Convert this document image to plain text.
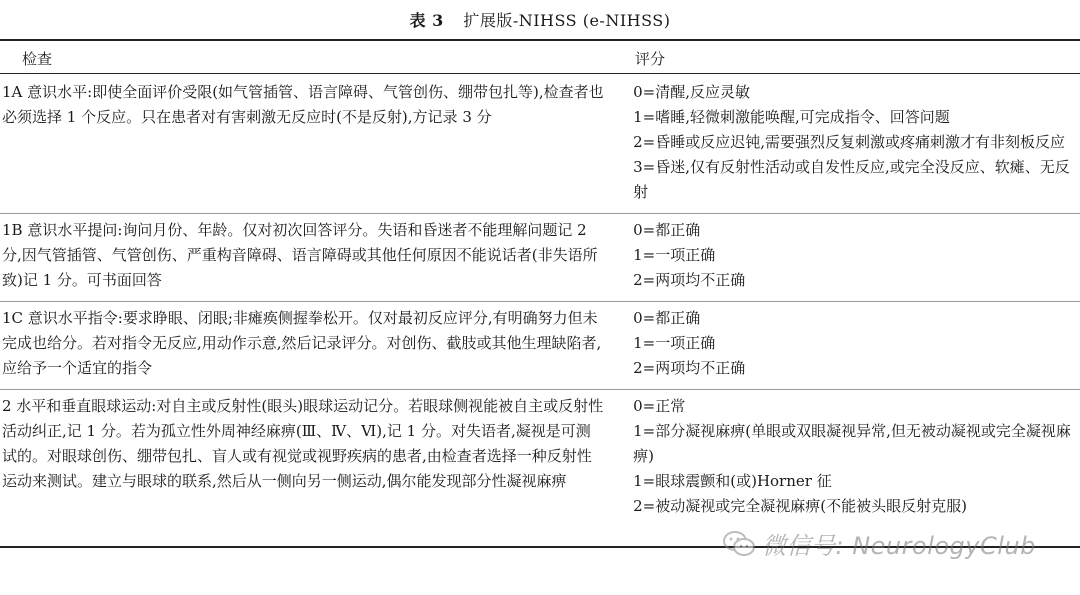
表 3 扩展版-NIHSS (e-NIHSS)
检查	评分
1A 意识水平:即使全面评价受限(如气管插管、语言障碍、气管创伤、绷带包扎等),检查者也必须选择 1 个反应。只在患者对有害刺激无反应时(不是反射),方记录 3 分	0=清醒,反应灵敏
1=嗜睡,轻微刺激能唤醒,可完成指令、回答问题
2=昏睡或反应迟钝,需要强烈反复刺激或疼痛刺激才有非刻板反应
3=昏迷,仅有反射性活动或自发性反应,或完全没反应、软瘫、无反射

1B 意识水平提问:询问月份、年龄。仅对初次回答评分。失语和昏迷者不能理解问题记 2 分,因气管插管、气管创伤、严重构音障碍、语言障碍或其他任何原因不能说话者(非失语所致)记 1 分。可书面回答	0=都正确
1=一项正确
2=两项均不正确

1C 意识水平指令:要求睁眼、闭眼;非瘫痪侧握拳松开。仅对最初反应评分,有明确努力但未完成也给分。若对指令无反应,用动作示意,然后记录评分。对创伤、截肢或其他生理缺陷者,应给予一个适宜的指令	0=都正确
1=一项正确
2=两项均不正确

2 水平和垂直眼球运动:对自主或反射性(眼头)眼球运动记分。若眼球侧视能被自主或反射性活动纠正,记 1 分。若为孤立性外周神经麻痹(Ⅲ、Ⅳ、Ⅵ),记 1 分。对失语者,凝视是可测试的。对眼球创伤、绷带包扎、盲人或有视觉或视野疾病的患者,由检查者选择一种反射性运动来测试。建立与眼球的联系,然后从一侧向另一侧运动,偶尔能发现部分性凝视麻痹	0=正常
1=部分凝视麻痹(单眼或双眼凝视异常,但无被动凝视或完全凝视麻痹)
1=眼球震颤和(或)Horner 征
2=被动凝视或完全凝视麻痹(不能被头眼反射克服)
微信号: NeurologyClub
